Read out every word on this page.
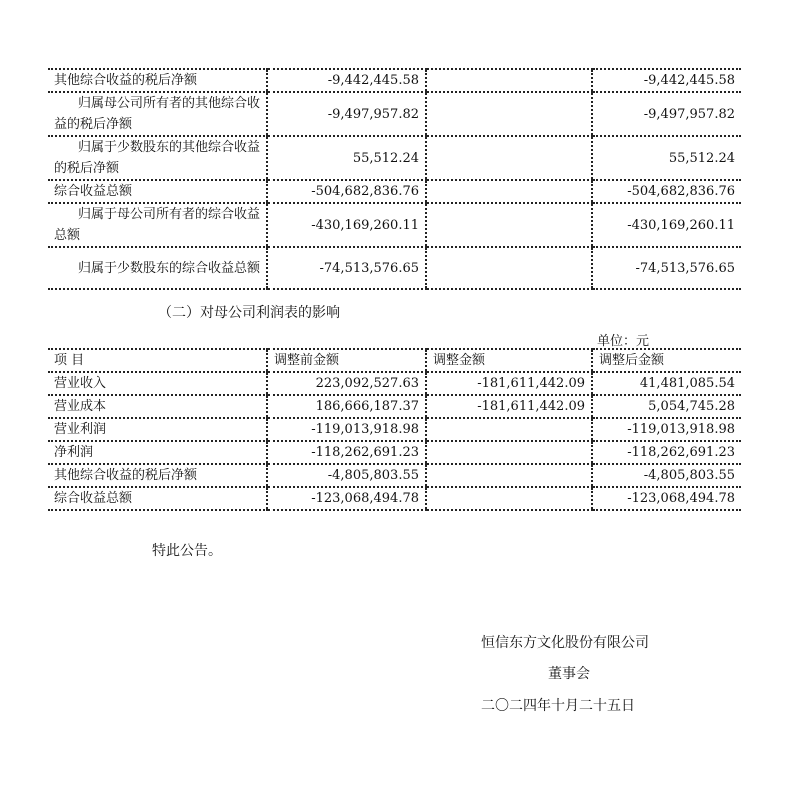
其他综合收益的税后净额	-9,442,445.58		-9,442,445.58
归属母公司所有者的其他综合收益的税后净额	-9,497,957.82		-9,497,957.82
归属于少数股东的其他综合收益的税后净额	55,512.24		55,512.24
综合收益总额	-504,682,836.76		-504,682,836.76
归属于母公司所有者的综合收益总额	-430,169,260.11		-430,169,260.11
归属于少数股东的综合收益总额	-74,513,576.65		-74,513,576.65
（二）对母公司利润表的影响
单位：元
项 目	调整前金额	调整金额	调整后金额
营业收入	223,092,527.63	-181,611,442.09	41,481,085.54
营业成本	186,666,187.37	-181,611,442.09	5,054,745.28
营业利润	-119,013,918.98		-119,013,918.98
净利润	-118,262,691.23		-118,262,691.23
其他综合收益的税后净额	-4,805,803.55		-4,805,803.55
综合收益总额	-123,068,494.78		-123,068,494.78
特此公告。
恒信东方文化股份有限公司
董事会
二〇二四年十月二十五日
